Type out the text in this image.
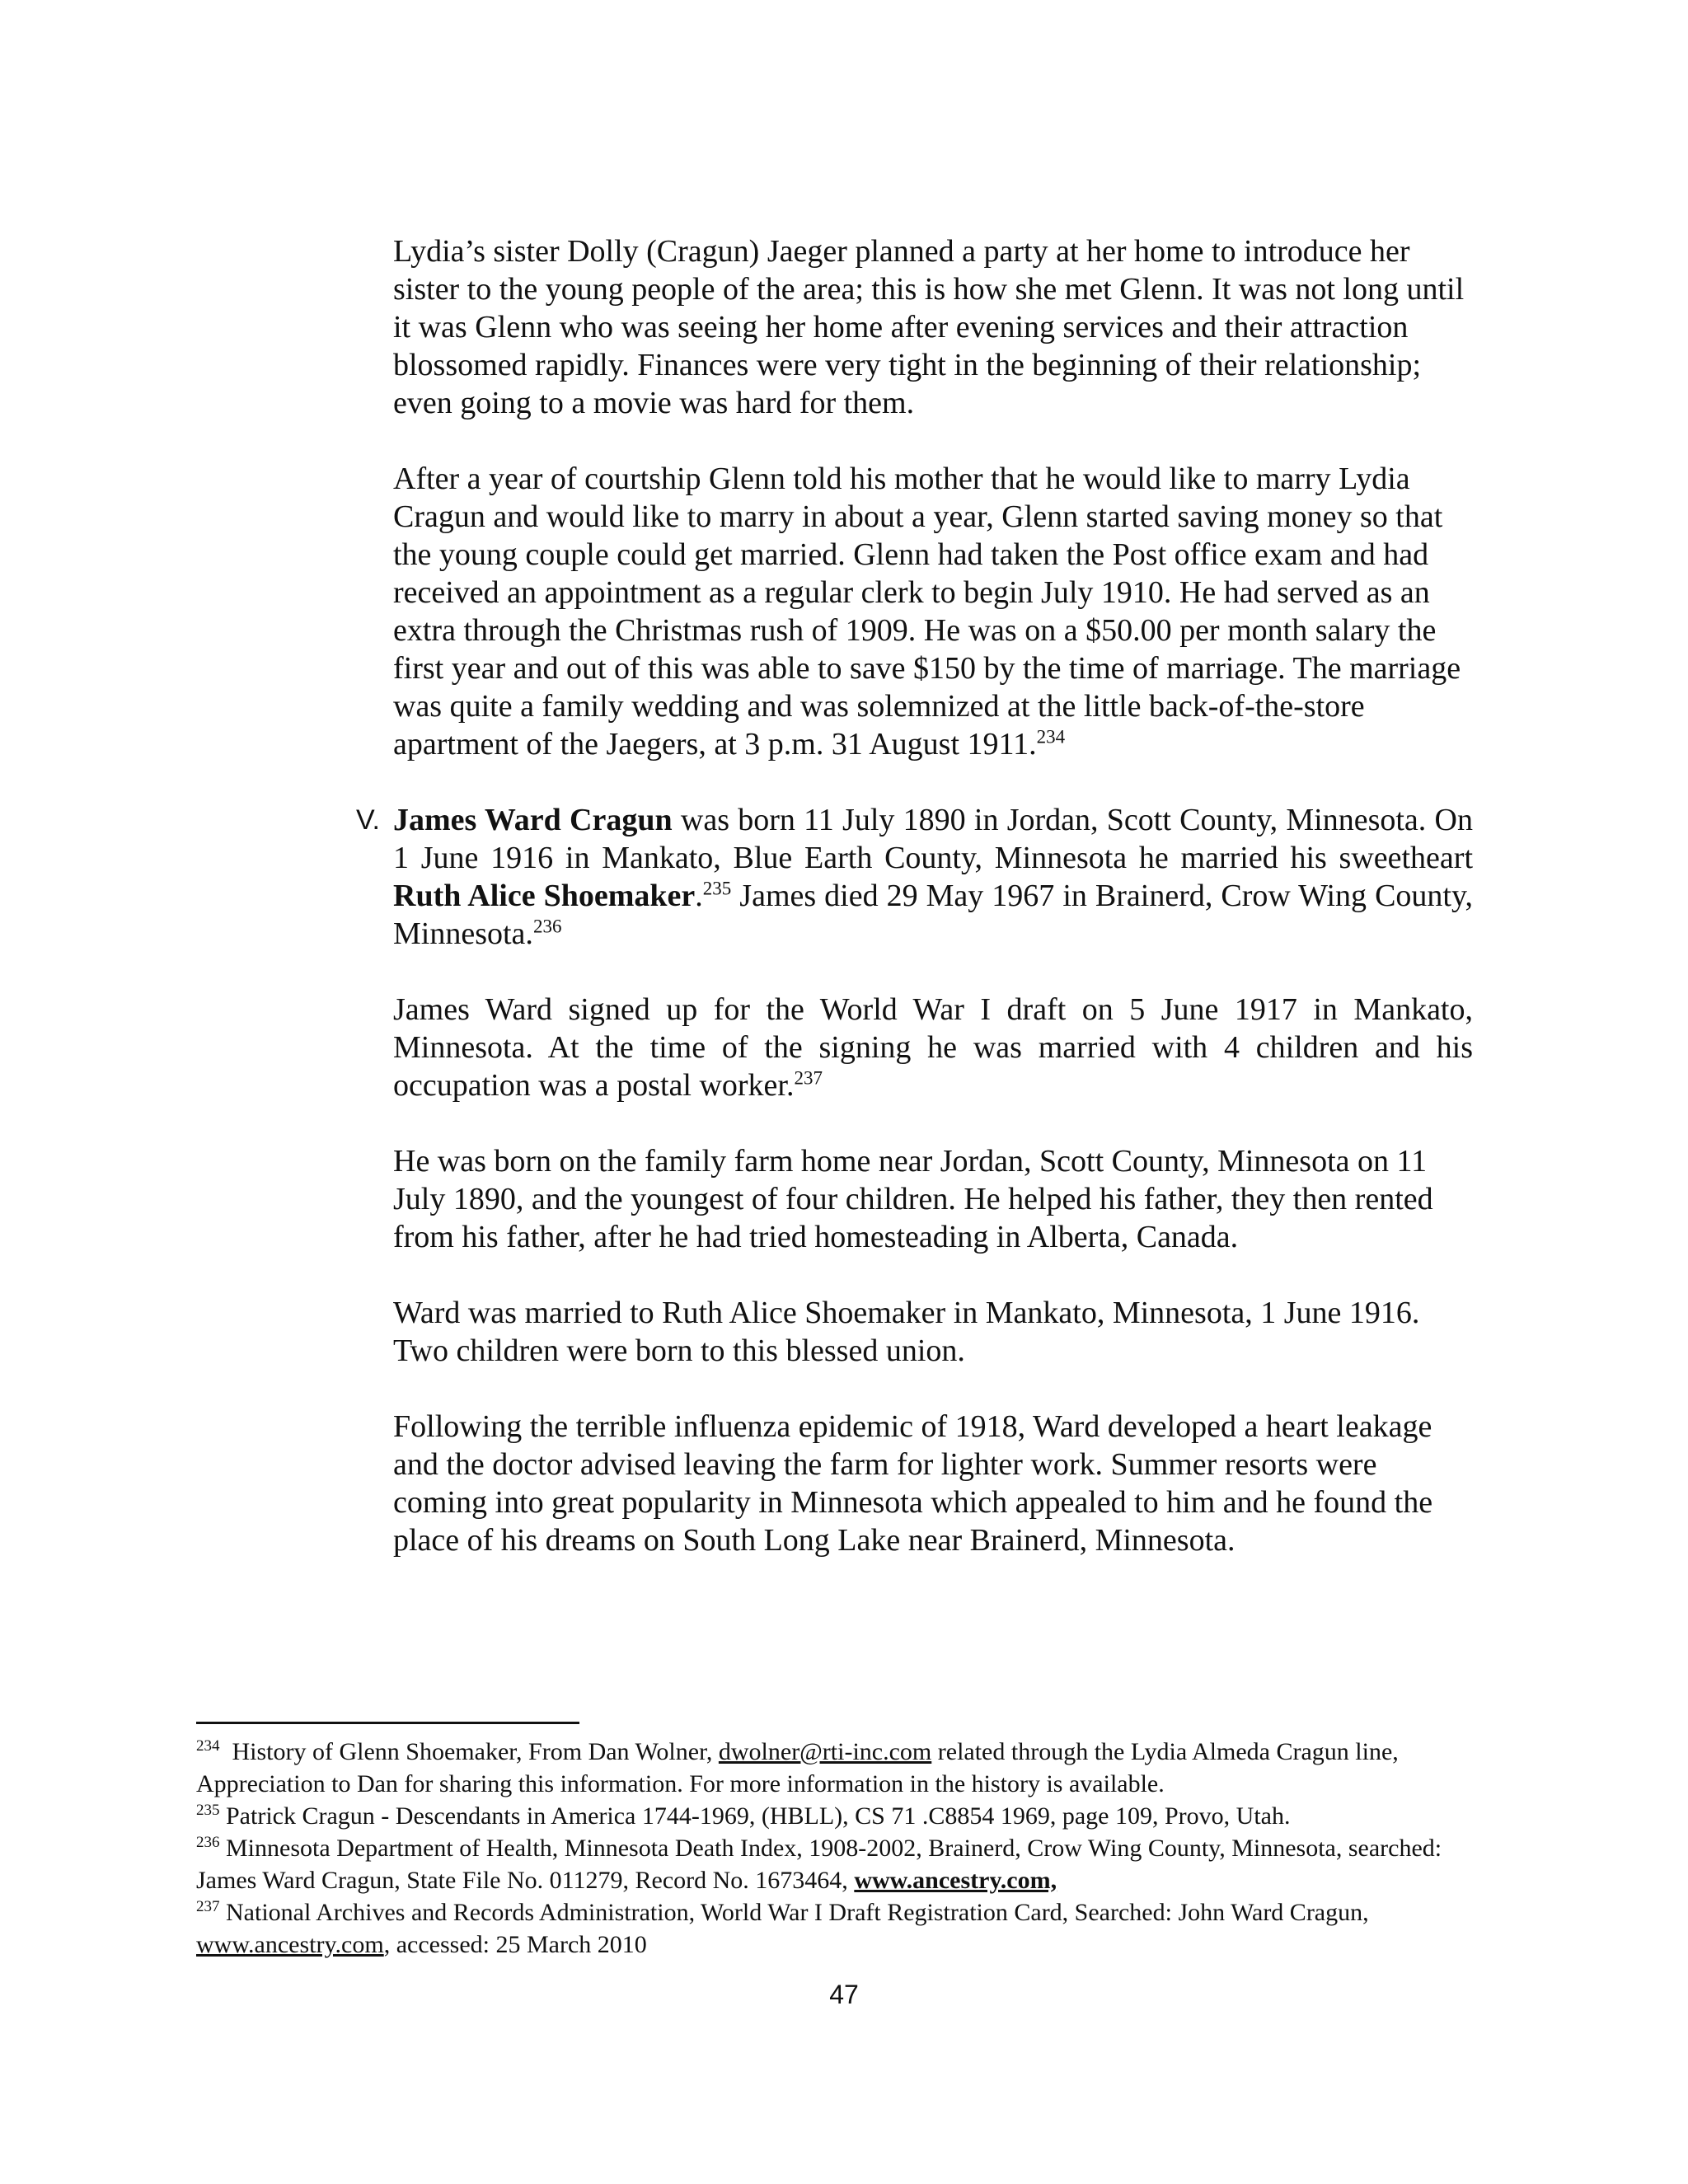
Lydia’s sister Dolly (Cragun) Jaeger planned a party at her home to introduce her sister to the young people of the area; this is how she met Glenn. It was not long until it was Glenn who was seeing her home after evening services and their attraction blossomed rapidly. Finances were very tight in the beginning of their relationship; even going to a movie was hard for them.

After a year of courtship Glenn told his mother that he would like to marry Lydia Cragun and would like to marry in about a year, Glenn started saving money so that the young couple could get married. Glenn had taken the Post office exam and had received an appointment as a regular clerk to begin July 1910. He had served as an extra through the Christmas rush of 1909. He was on a $50.00 per month salary the first year and out of this was able to save $150 by the time of marriage. The marriage was quite a family wedding and was solemnized at the little back-of-the-store apartment of the Jaegers, at 3 p.m. 31 August 1911.$^{234}$

V. James Ward Cragun was born 11 July 1890 in Jordan, Scott County, Minnesota. On 1 June 1916 in Mankato, Blue Earth County, Minnesota he married his sweetheart Ruth Alice Shoemaker.$^{235}$ James died 29 May 1967 in Brainerd, Crow Wing County, Minnesota.$^{236}$

James Ward signed up for the World War I draft on 5 June 1917 in Mankato, Minnesota. At the time of the signing he was married with 4 children and his occupation was a postal worker.$^{237}$

He was born on the family farm home near Jordan, Scott County, Minnesota on 11 July 1890, and the youngest of four children. He helped his father, they then rented from his father, after he had tried homesteading in Alberta, Canada.

Ward was married to Ruth Alice Shoemaker in Mankato, Minnesota, 1 June 1916. Two children were born to this blessed union.

Following the terrible influenza epidemic of 1918, Ward developed a heart leakage and the doctor advised leaving the farm for lighter work. Summer resorts were coming into great popularity in Minnesota which appealed to him and he found the place of his dreams on South Long Lake near Brainerd, Minnesota.

$^{234}$  History of Glenn Shoemaker, From Dan Wolner, dwolner@rti-inc.com related through the Lydia Almeda Cragun line, Appreciation to Dan for sharing this information. For more information in the history is available.

$^{235}$ Patrick Cragun - Descendants in America 1744-1969, (HBLL), CS 71 .C8854 1969, page 109, Provo, Utah.

$^{236}$ Minnesota Department of Health, Minnesota Death Index, 1908-2002, Brainerd, Crow Wing County, Minnesota, searched: James Ward Cragun, State File No. 011279, Record No. 1673464, www.ancestry.com,

$^{237}$ National Archives and Records Administration, World War I Draft Registration Card, Searched: John Ward Cragun, www.ancestry.com, accessed: 25 March 2010

47
